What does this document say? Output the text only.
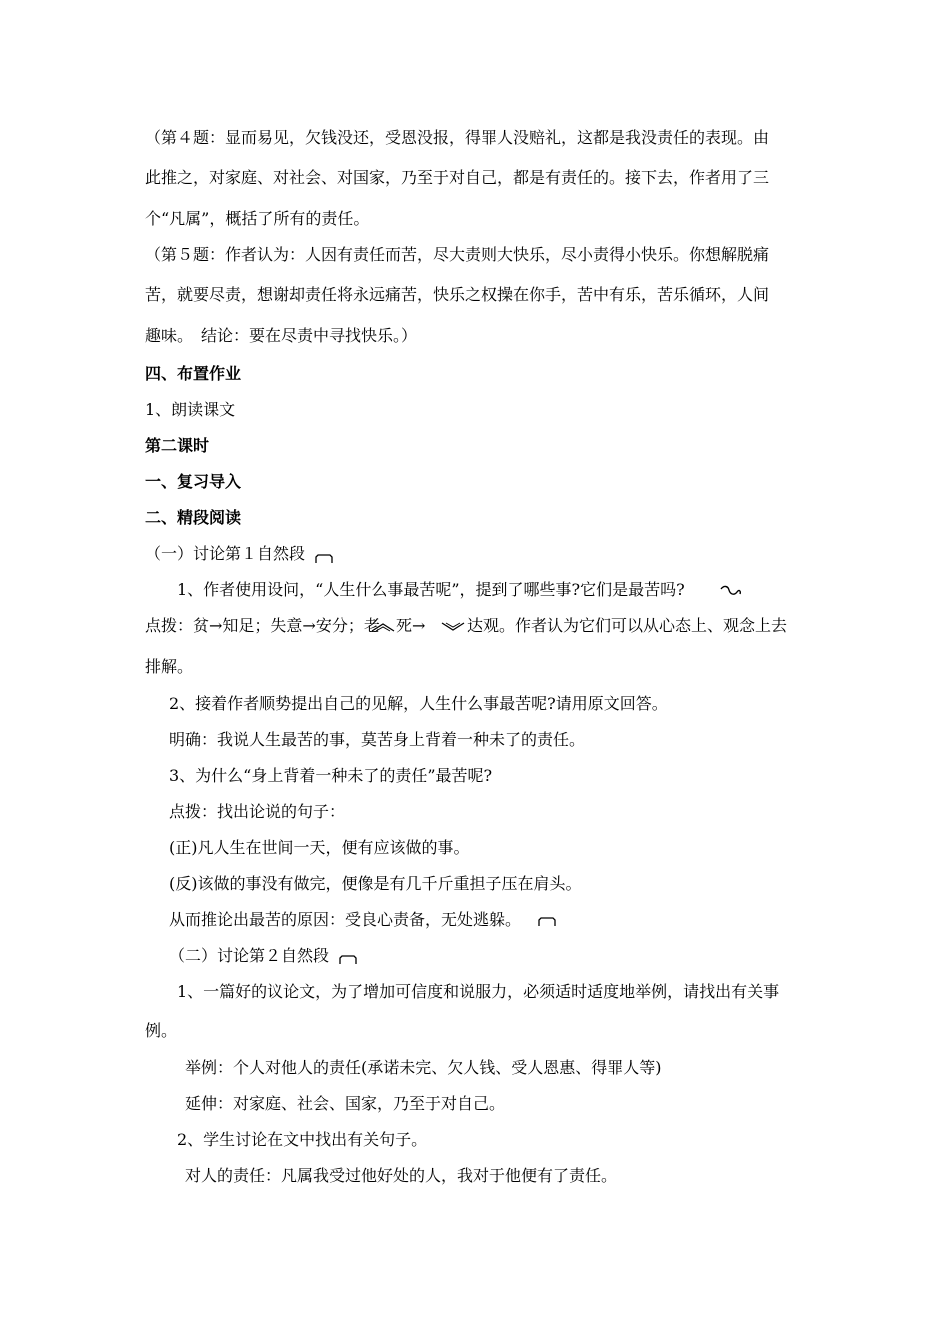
（第４题：显而易见，欠钱没还，受恩没报，得罪人没赔礼，这都是我没责任的表现。由
此推之，对家庭、对社会、对国家，乃至于对自己，都是有责任的。接下去，作者用了三
个“凡属”，概括了所有的责任。
（第５题：作者认为：人因有责任而苦，尽大责则大快乐，尽小责得小快乐。你想解脱痛
苦，就要尽责，想谢却责任将永远痛苦，快乐之权操在你手，苦中有乐，苦乐循环，人间
趣味。　结论：要在尽责中寻找快乐。）
四、布置作业
1、朗读课文
第二课时
一、复习导入
二、精段阅读
（一）讨论第１自然段
1、作者使用设问，“人生什么事最苦呢”，提到了哪些事?它们是最苦吗?
点拨：贫→知足；失意→安分；老 死→	达观。作者认为它们可以从心态上、观念上去
排解。
2、接着作者顺势提出自己的见解，人生什么事最苦呢?请用原文回答。
明确：我说人生最苦的事，莫苦身上背着一种未了的责任。
3、为什么“身上背着一种未了的责任”最苦呢?
点拨：找出论说的句子：
(正)凡人生在世间一天，便有应该做的事。
(反)该做的事没有做完，便像是有几千斤重担子压在肩头。
从而推论出最苦的原因：受良心责备，无处逃躲。
（二）讨论第２自然段
1、一篇好的议论文，为了增加可信度和说服力，必须适时适度地举例，请找出有关事
例。
举例：个人对他人的责任(承诺未完、欠人钱、受人恩惠、得罪人等)
延伸：对家庭、社会、国家，乃至于对自己。
2、学生讨论在文中找出有关句子。
对人的责任：凡属我受过他好处的人，我对于他便有了责任。
